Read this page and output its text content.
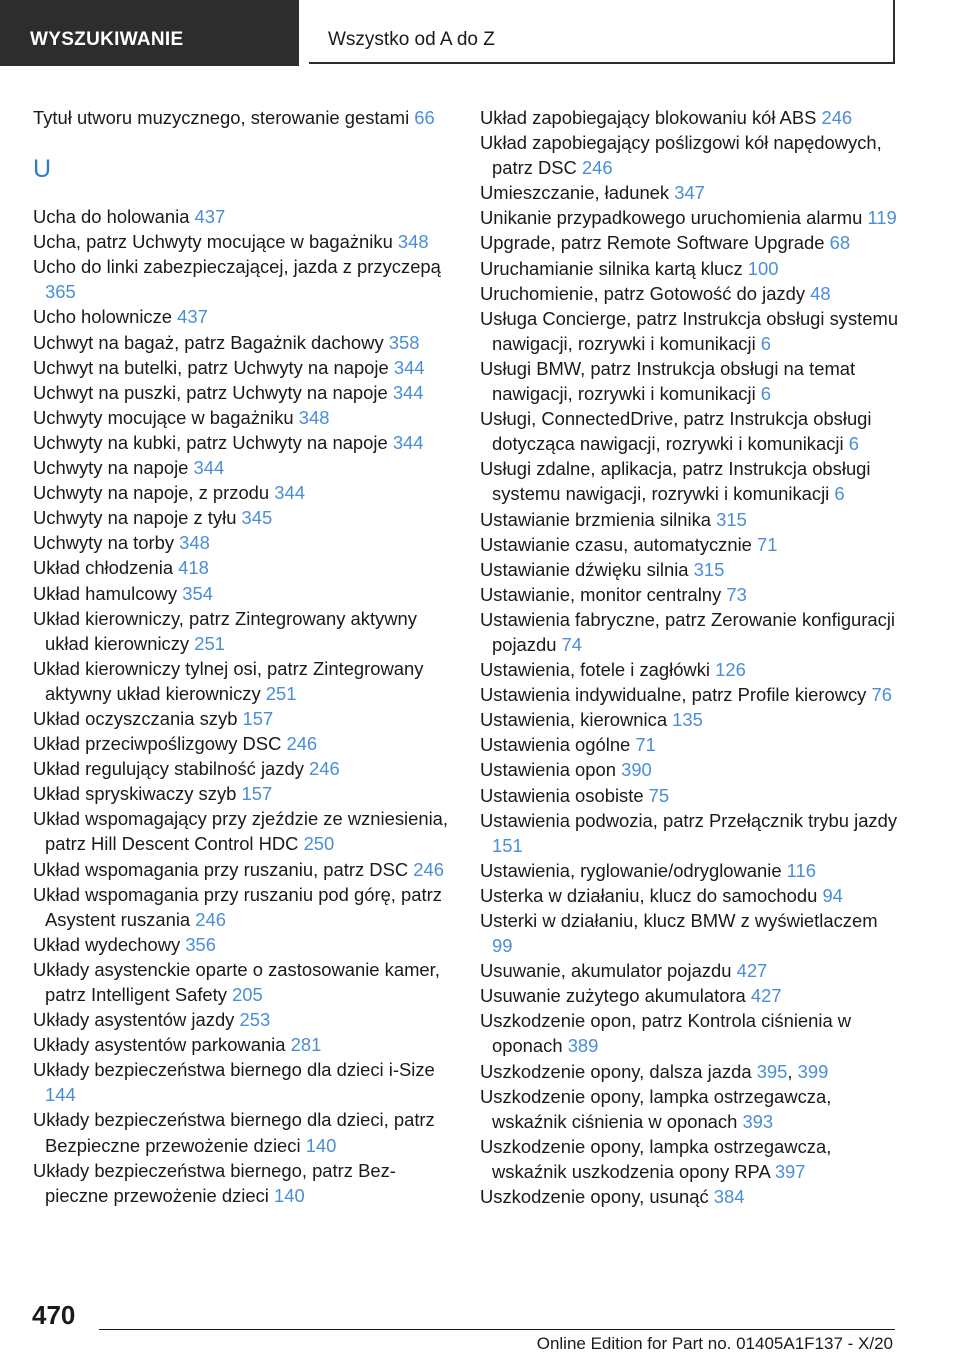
WYSZUKIWANIE	Wszystko od A do Z
Tytuł utworu muzycznego, sterowanie gestami 66
U
Ucha do holowania 437
Ucha, patrz Uchwyty mocujące w bagażniku 348
Ucho do linki zabezpieczającej, jazda z przyczepą 365
Ucho holownicze 437
Uchwyt na bagaż, patrz Bagażnik dachowy 358
Uchwyt na butelki, patrz Uchwyty na napoje 344
Uchwyt na puszki, patrz Uchwyty na napoje 344
Uchwyty mocujące w bagażniku 348
Uchwyty na kubki, patrz Uchwyty na napoje 344
Uchwyty na napoje 344
Uchwyty na napoje, z przodu 344
Uchwyty na napoje z tyłu 345
Uchwyty na torby 348
Układ chłodzenia 418
Układ hamulcowy 354
Układ kierowniczy, patrz Zintegrowany aktywny układ kierowniczy 251
Układ kierowniczy tylnej osi, patrz Zintegrowany aktywny układ kierowniczy 251
Układ oczyszczania szyb 157
Układ przeciwpoślizgowy DSC 246
Układ regulujący stabilność jazdy 246
Układ spryskiwaczy szyb 157
Układ wspomagający przy zjeździe ze wzniesienia, patrz Hill Descent Control HDC 250
Układ wspomagania przy ruszaniu, patrz DSC 246
Układ wspomagania przy ruszaniu pod górę, patrz Asystent ruszania 246
Układ wydechowy 356
Układy asystenckie oparte o zastosowanie kamer, patrz Intelligent Safety 205
Układy asystentów jazdy 253
Układy asystentów parkowania 281
Układy bezpieczeństwa biernego dla dzieci i-Size 144
Układy bezpieczeństwa biernego dla dzieci, patrz Bezpieczne przewożenie dzieci 140
Układy bezpieczeństwa biernego, patrz Bezpieczne przewożenie dzieci 140
Układ zapobiegający blokowaniu kół ABS 246
Układ zapobiegający poślizgowi kół napędowych, patrz DSC 246
Umieszczanie, ładunek 347
Unikanie przypadkowego uruchomienia alarmu 119
Upgrade, patrz Remote Software Upgrade 68
Uruchamianie silnika kartą klucz 100
Uruchomienie, patrz Gotowość do jazdy 48
Usługa Concierge, patrz Instrukcja obsługi systemu nawigacji, rozrywki i komunikacji 6
Usługi BMW, patrz Instrukcja obsługi na temat nawigacji, rozrywki i komunikacji 6
Usługi, ConnectedDrive, patrz Instrukcja obsługi dotycząca nawigacji, rozrywki i komunikacji 6
Usługi zdalne, aplikacja, patrz Instrukcja obsługi systemu nawigacji, rozrywki i komunikacji 6
Ustawianie brzmienia silnika 315
Ustawianie czasu, automatycznie 71
Ustawianie dźwięku silnia 315
Ustawianie, monitor centralny 73
Ustawienia fabryczne, patrz Zerowanie konfiguracji pojazdu 74
Ustawienia, fotele i zagłówki 126
Ustawienia indywidualne, patrz Profile kierowcy 76
Ustawienia, kierownica 135
Ustawienia ogólne 71
Ustawienia opon 390
Ustawienia osobiste 75
Ustawienia podwozia, patrz Przełącznik trybu jazdy 151
Ustawienia, ryglowanie/odryglowanie 116
Usterka w działaniu, klucz do samochodu 94
Usterki w działaniu, klucz BMW z wyświetlaczem 99
Usuwanie, akumulator pojazdu 427
Usuwanie zużytego akumulatora 427
Uszkodzenie opon, patrz Kontrola ciśnienia w oponach 389
Uszkodzenie opony, dalsza jazda 395, 399
Uszkodzenie opony, lampka ostrzegawcza, wskaźnik ciśnienia w oponach 393
Uszkodzenie opony, lampka ostrzegawcza, wskaźnik uszkodzenia opony RPA 397
Uszkodzenie opony, usunąć 384
470
Online Edition for Part no. 01405A1F137 - X/20
